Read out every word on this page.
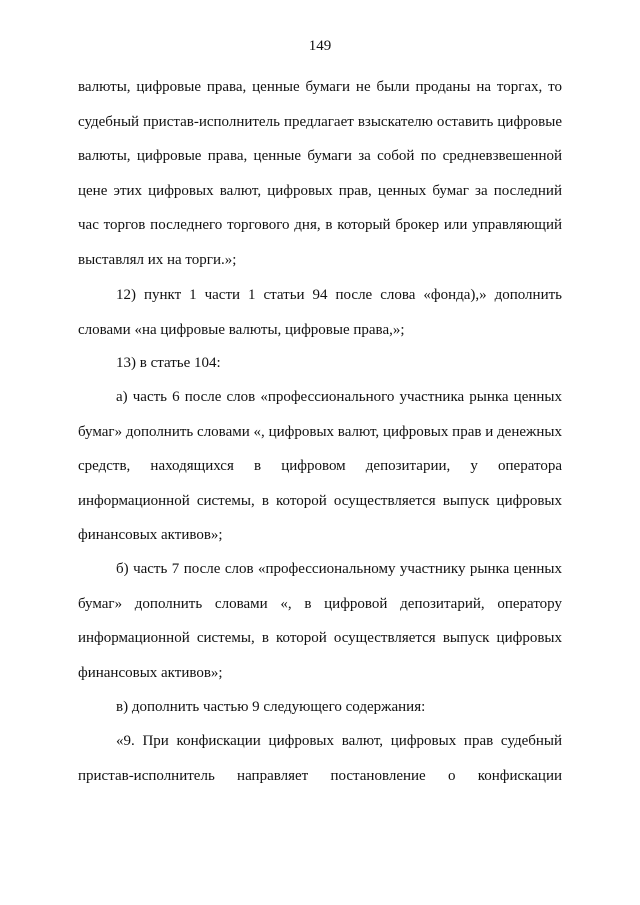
149

валюты, цифровые права, ценные бумаги не были проданы на торгах, то судебный пристав-исполнитель предлагает взыскателю оставить цифровые валюты, цифровые права, ценные бумаги за собой по средневзвешенной цене этих цифровых валют, цифровых прав, ценных бумаг за последний час торгов последнего торгового дня, в который брокер или управляющий выставлял их на торги.»;

12) пункт 1 части 1 статьи 94 после слова «фонда),» дополнить словами «на цифровые валюты, цифровые права,»;

13) в статье 104:

а) часть 6 после слов «профессионального участника рынка ценных бумаг» дополнить словами «, цифровых валют, цифровых прав и денежных средств, находящихся в цифровом депозитарии, у оператора информационной системы, в которой осуществляется выпуск цифровых финансовых активов»;

б) часть 7 после слов «профессиональному участнику рынка ценных бумаг» дополнить словами «, в цифровой депозитарий, оператору информационной системы, в которой осуществляется выпуск цифровых финансовых активов»;

в) дополнить частью 9 следующего содержания:

«9. При конфискации цифровых валют, цифровых прав судебный пристав-исполнитель направляет постановление о конфискации
